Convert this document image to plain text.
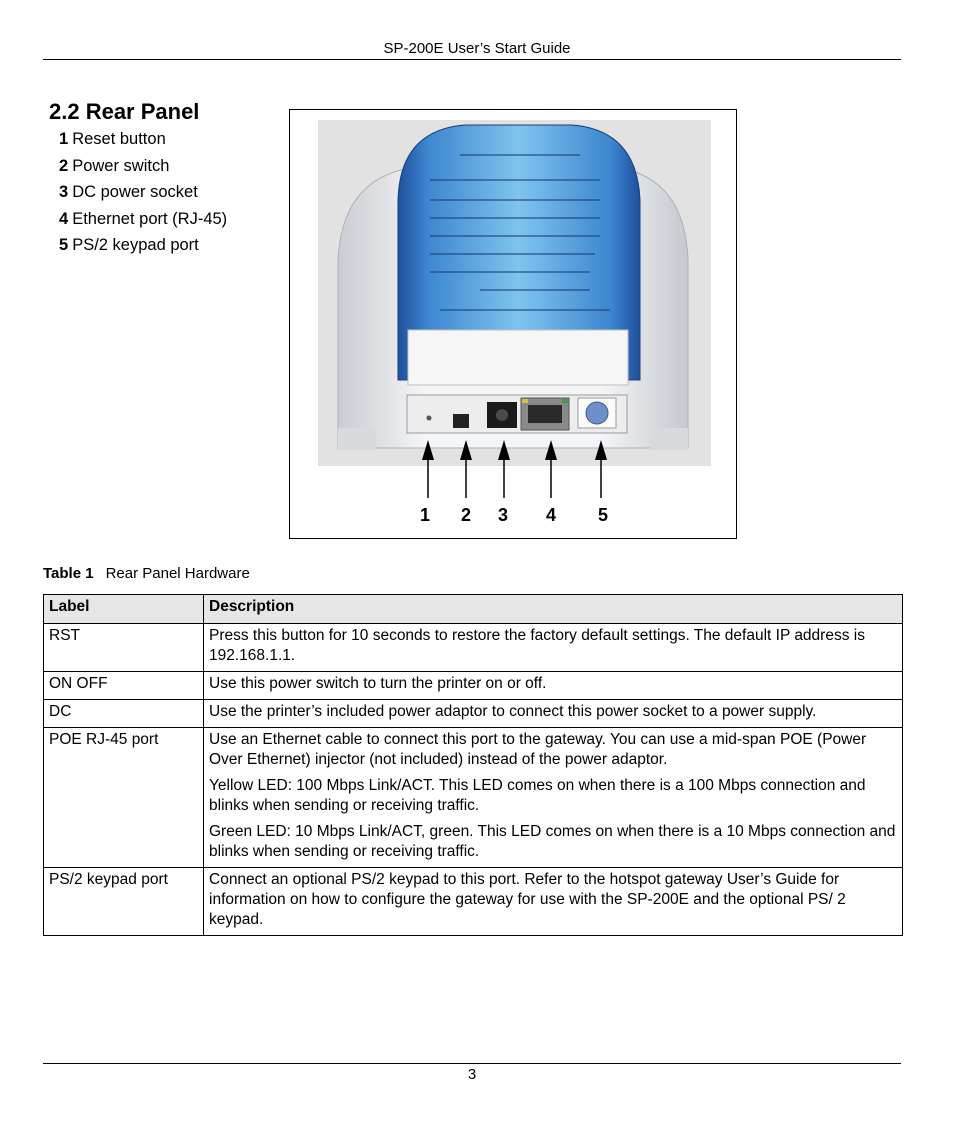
SP-200E User’s Start Guide
2.2 Rear Panel
1 Reset button
2 Power switch
3 DC power socket
4 Ethernet port (RJ-45)
5 PS/2 keypad port
1 2 3 4 5
Table 1 Rear Panel Hardware
Label	Description
RST	Press this button for 10 seconds to restore the factory default settings. The default IP address is 192.168.1.1.

ON OFF	Use this power switch to turn the printer on or off.

DC	Use the printer’s included power adaptor to connect this power socket to a power supply.

POE RJ-45 port	Use an Ethernet cable to connect this port to the gateway. You can use a mid-span POE (Power Over Ethernet) injector (not included) instead of the power adaptor.

Yellow LED: 100 Mbps Link/ACT. This LED comes on when there is a 100 Mbps connection and blinks when sending or receiving traffic.

Green LED: 10 Mbps Link/ACT, green. This LED comes on when there is a 10 Mbps connection and blinks when sending or receiving traffic.

PS/2 keypad port	Connect an optional PS/2 keypad to this port. Refer to the hotspot gateway User’s Guide for information on how to configure the gateway for use with the SP-200E and the optional PS/ 2 keypad.

3
